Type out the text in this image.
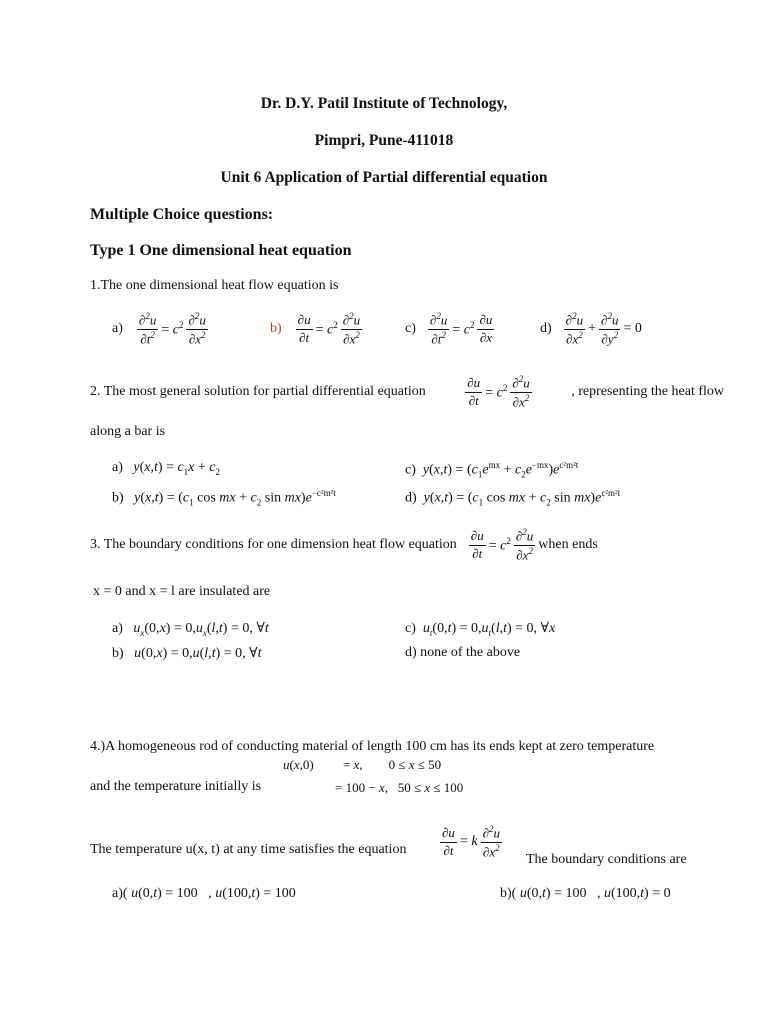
Dr. D.Y. Patil Institute of Technology,
Pimpri, Pune-411018
Unit 6 Application of Partial differential equation
Multiple Choice questions:
Type 1 One dimensional heat equation
1.The one dimensional heat flow equation is
$a) \frac{\partial^2u}{\partial t^2} = c^2 \frac{\partial^2u}{\partial x^2}$	$b) \frac{\partial u}{\partial t} = c^2 \frac{\partial^2u}{\partial x^2}$	$c) \frac{\partial^2u}{\partial t^2} = c^2 \frac{\partial u}{\partial x}$	$d) \frac{\partial^2u}{\partial x^2} + \frac{\partial^2u}{\partial y^2} = 0$
2. The most general solution for partial differential equation	$\frac{\partial u}{\partial t} = c^2 \frac{\partial^2u}{\partial x^2}$	, representing the heat flow
along a bar is
a) $y(x,t) = c_1x + c_2$
b) $y(x,t) = (c_1$ cos mx + $c_2$ $\sin mx)e^{-c^2m^2t}$
c) $y(x,t) = (c_1e^{mx} + c_2e^{-mx})e^{c^2m^2t}$
d) $y(x,t) = (c_1$ cos mx + $c_2$ $\sin mx)e^{c^2m^2t}$
3. The boundary conditions for one dimension heat flow equation $\frac{\partial u}{\partial t} = c^2 \frac{\partial^2u}{\partial x^2}$ when ends
x = 0 and x = l are insulated are
a) $u_x(0,x) = 0,u_x(l,t) = 0$, ∀t
b) u(0,x) = 0,u(l,t) = 0, ∀t
c) $u_t(0,t) = 0,u_t(l,t) = 0$, ∀x
d) none of the above
4.)A homogeneous rod of conducting material of length 100 cm has its ends kept at zero temperature
u(x,0)         = x,        0 ≤ x ≤ 50
and the temperature initially is	= 100 − x,   50 ≤ x ≤ 100
The temperature u(x, t) at any time satisfies the equation	$\frac{\partial u}{\partial t} = k \frac{\partial^2u}{\partial x^2}$
The boundary conditions are
a)( u(0,t) = 100   , u(100,t) = 100	b)( u(0,t) = 100   , u(100,t) = 0
